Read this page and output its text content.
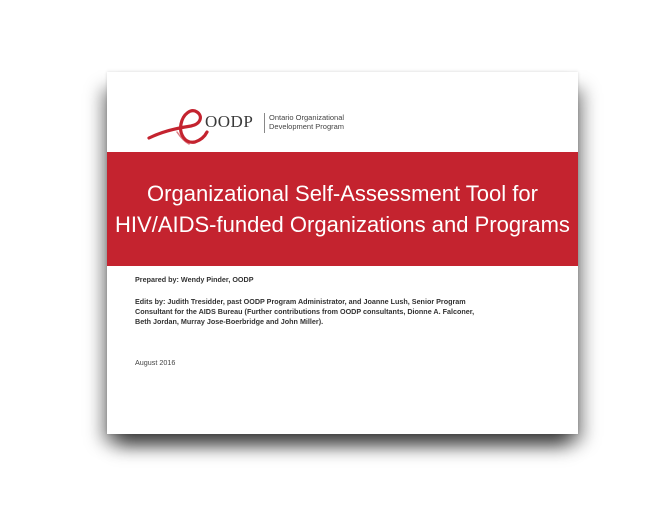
OODP Ontario Organizational
Development Program
Organizational Self-Assessment Tool for HIV/AIDS-funded Organizations and Programs
Prepared by: Wendy Pinder, OODP
Edits by: Judith Tresidder, past OODP Program Administrator, and Joanne Lush, Senior Program Consultant for the AIDS Bureau (Further contributions from OODP consultants, Dionne A. Falconer, Beth Jordan, Murray Jose-Boerbridge and John Miller).
August 2016
